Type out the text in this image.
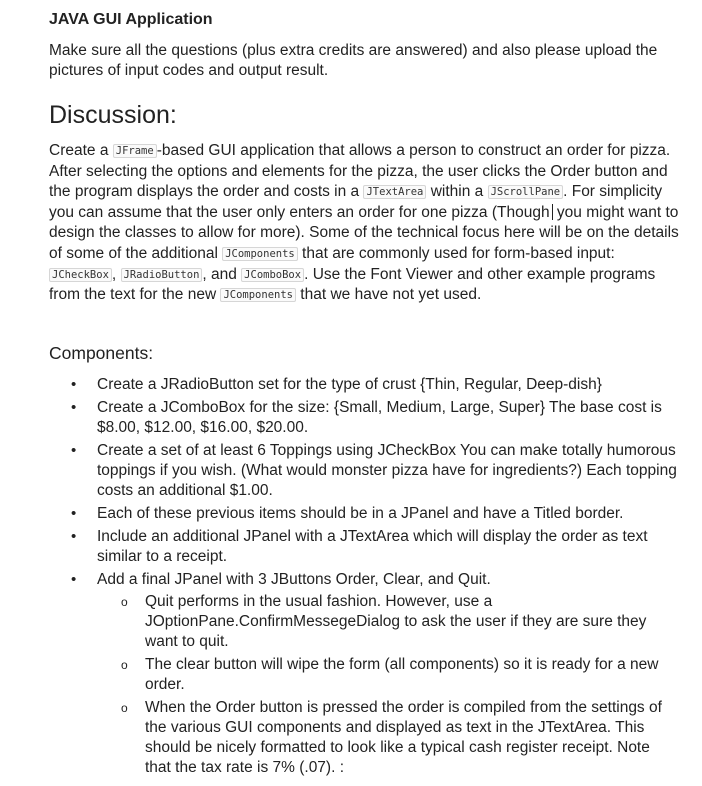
JAVA GUI Application
Make sure all the questions (plus extra credits are answered) and also please upload the pictures of input codes and output result.
Discussion:
Create a JFrame -based GUI application that allows a person to construct an order for pizza. After selecting the options and elements for the pizza, the user clicks the Order button and the program displays the order and costs in a JTextArea within a JScrollPane . For simplicity you can assume that the user only enters an order for one pizza (Though you might want to design the classes to allow for more). Some of the technical focus here will be on the details of some of the additional JComponents that are commonly used for form-based input: JCheckBox , JRadioButton , and JComboBox . Use the Font Viewer and other example programs from the text for the new JComponents that we have not yet used.
Components:
• Create a JRadioButton set for the type of crust {Thin, Regular, Deep-dish}
• Create a JComboBox for the size: {Small, Medium, Large, Super} The base cost is $8.00, $12.00, $16.00, $20.00.
• Create a set of at least 6 Toppings using JCheckBox You can make totally humorous toppings if you wish. (What would monster pizza have for ingredients?) Each topping costs an additional $1.00.
• Each of these previous items should be in a JPanel and have a Titled border.
• Include an additional JPanel with a JTextArea which will display the order as text similar to a receipt.
• Add a final JPanel with 3 JButtons Order, Clear, and Quit.
o Quit performs in the usual fashion. However, use a JOptionPane.ConfirmMessegeDialog to ask the user if they are sure they want to quit.
o The clear button will wipe the form (all components) so it is ready for a new order.
o When the Order button is pressed the order is compiled from the settings of the various GUI components and displayed as text in the JTextArea. This should be nicely formatted to look like a typical cash register receipt. Note that the tax rate is 7% (.07). :
